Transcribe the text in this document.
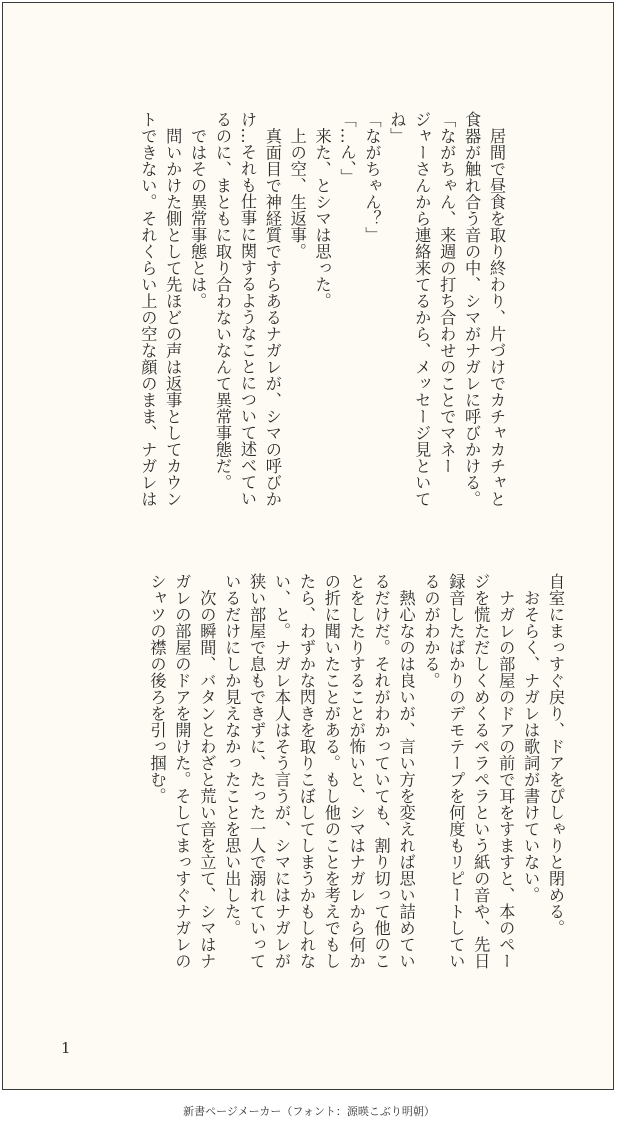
　居間で昼食を取り終わり、片づけでカチャカチャと

食器が触れ合う音の中、シマがナガレに呼びかける。

「ながちゃん、来週の打ち合わせのことでマネー

ジャーさんから連絡来てるから、メッセージ見といて

ね」

「ながちゃん？」

「…ん、」

　来た、とシマは思った。

　上の空、生返事。

　真面目で神経質ですらあるナガレが、シマの呼びか

け…それも仕事に関するようなことについて述べてい

るのに、まともに取り合わないなんて異常事態だ。

　ではその異常事態とは。

　問いかけた側として先ほどの声は返事としてカウン

トできない。それくらい上の空な顔のまま、ナガレは

自室にまっすぐ戻り、ドアをぴしゃりと閉める。

　おそらく、ナガレは歌詞が書けていない。

　ナガレの部屋のドアの前で耳をすますと、本のペー

ジを慌ただしくめくるペラペラという紙の音や、先日

録音したばかりのデモテープを何度もリピートしてい

るのがわかる。

　熱心なのは良いが、言い方を変えれば思い詰めてい

るだけだ。それがわかっていても、割り切って他のこ

とをしたりすることが怖いと、シマはナガレから何か

の折に聞いたことがある。もし他のことを考えでもし

たら、わずかな閃きを取りこぼしてしまうかもしれな

い、と。ナガレ本人はそう言うが、シマにはナガレが

狭い部屋で息もできずに、たった一人で溺れていって

いるだけにしか見えなかったことを思い出した。

　次の瞬間、バタンとわざと荒い音を立て、シマはナ

ガレの部屋のドアを開けた。そしてまっすぐナガレの

シャツの襟の後ろを引っ掴む。

1
新書ページメーカー（フォント：源暎こぶり明朝）
